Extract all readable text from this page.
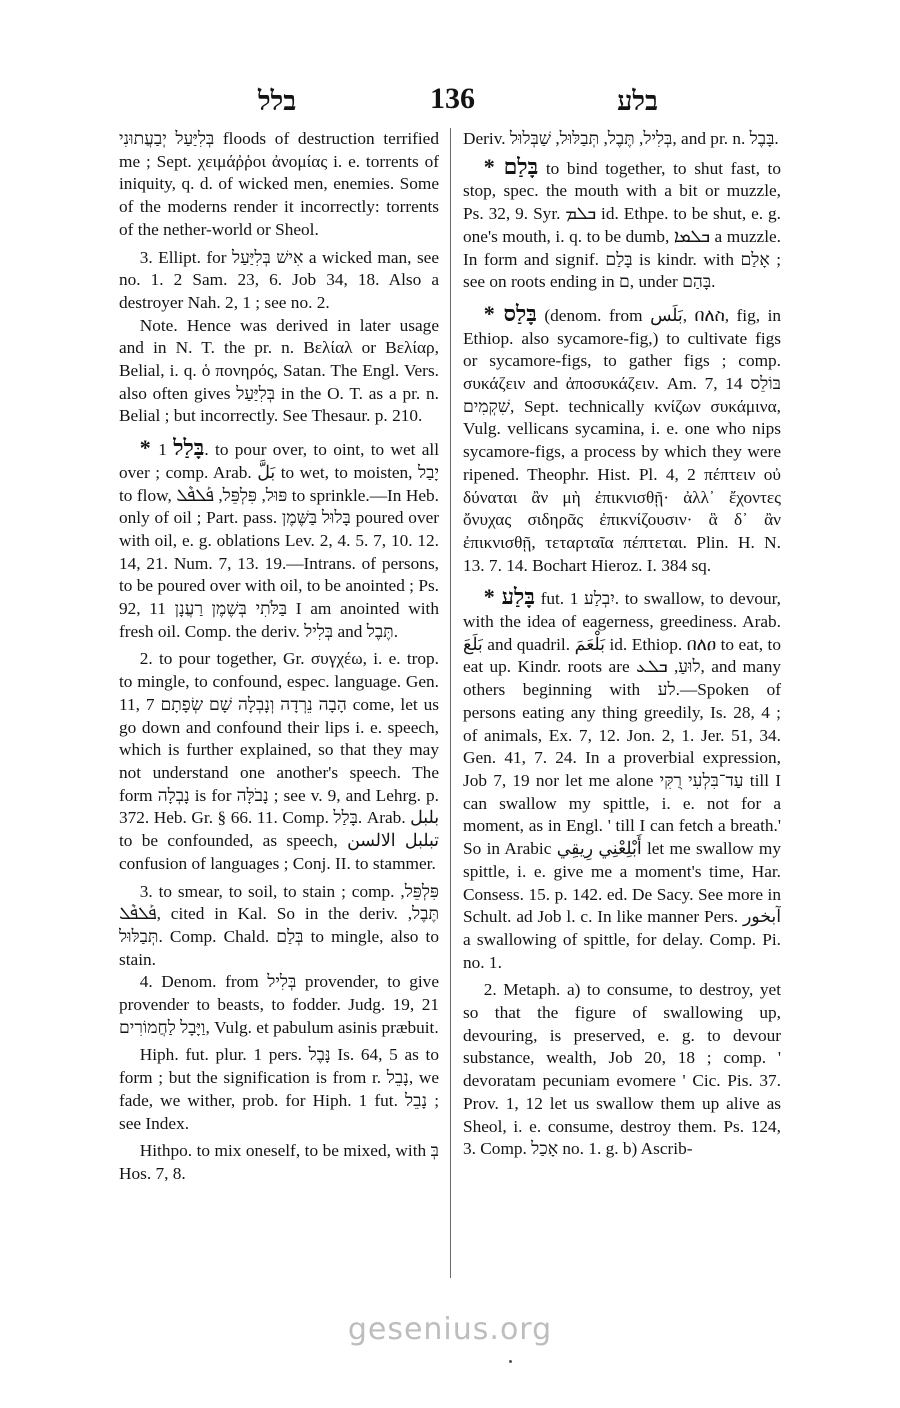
בלל	136	בלע

בְּלִיַּעַל יְבַעֲתוּנִי floods of destruction terrified me ; Sept. χειμάῤῥοι ἀνομίας i. e. torrents of iniquity, q. d. of wicked men, enemies. Some of the moderns render it incorrectly: torrents of the nether-world or Sheol.

3. Ellipt. for אִישׁ בְּלִיַּעַל a wicked man, see no. 1. 2 Sam. 23, 6. Job 34, 18. Also a destroyer Nah. 2, 1 ; see no. 2.

Note. Hence was derived in later usage and in N. T. the pr. n. Βελίαλ or Βελίαρ, Belial, i. q. ὁ πονηρός, Satan. The Engl. Vers. also often gives בְּלִיַּעַל in the O. T. as a pr. n. Belial ; but incorrectly. See Thesaur. p. 210.

* בָּלַל 1. to pour over, to oint, to wet all over ; comp. Arab. بَلَّ to wet, to moisten, יָבַל to flow, פּוּל, פִּלְפֵּל, ܦܰܠܦܶܠ to sprinkle.—In Heb. only of oil ; Part. pass. בָּלוּל בַּשֶּׁמֶן poured over with oil, e. g. oblations Lev. 2, 4. 5. 7, 10. 12. 14, 21. Num. 7, 13. 19.—Intrans. of persons, to be poured over with oil, to be anointed ; Ps. 92, 11 בַּלֹּתִי בְּשֶׁמֶן רַעֲנָן I am anointed with fresh oil. Comp. the deriv. בְּלִיל and תֶּבֶל.

2. to pour together, Gr. συγχέω, i. e. trop. to mingle, to confound, espec. language. Gen. 11, 7 הָבָה נֵרְדָה וְנָבְלָה שָׁם שְׂפָתָם come, let us go down and confound their lips i. e. speech, which is further explained, so that they may not understand one another's speech. The form נָבְלָה is for נָבֹלָּה ; see v. 9, and Lehrg. p. 372. Heb. Gr. § 66. 11. Comp. בָּלַל. Arab. بلبل to be confounded, as speech, تبلبل الالسن confusion of languages ; Conj. II. to stammer.

3. to smear, to soil, to stain ; comp. פִּלְפֵּל, ܦܰܠܦܶܠ, cited in Kal. So in the deriv. תֶּבֶל, תְּבַלּוּל. Comp. Chald. בְּלַם to mingle, also to stain.

4. Denom. from בְּלִיל provender, to give provender to beasts, to fodder. Judg. 19, 21 וַיָּבָל לַחֲמוֹרִים, Vulg. et pabulum asinis præbuit.

Hiph. fut. plur. 1 pers. נָּבֶל Is. 64, 5 as to form ; but the signification is from r. נָבֵל, we fade, we wither, prob. for Hiph. 1 fut. נָבֵל ; see Index.

Hithpo. to mix oneself, to be mixed, with בְּ Hos. 7, 8.

Deriv. בְּלִיל, תֶּבֶל, תְּבַלּוּל, שַׁבְּלוּל, and pr. n. בָּבֶל.

* בָּלַם to bind together, to shut fast, to stop, spec. the mouth with a bit or muzzle, Ps. 32, 9. Syr. ܒܠܡ id. Ethpe. to be shut, e. g. one's mouth, i. q. to be dumb, ܒܠܡܐ a muzzle. In form and signif. בָּלַם is kindr. with אָלַם ; see on roots ending in ם, under בָּהַם.

* בָּלַס (denom. from بَلَس, በለስ, fig, in Ethiop. also sycamore-fig,) to cultivate figs or sycamore-figs, to gather figs ; comp. συκάζειν and ἀποσυκάζειν. Am. 7, 14 בּוֹלֵס שִׁקְמִים, Sept. technically κνίζων συκάμινα, Vulg. vellicans sycamina, i. e. one who nips sycamore-figs, a process by which they were ripened. Theophr. Hist. Pl. 4, 2 πέπτειν οὐ δύναται ἂν μὴ ἐπικνισθῇ· ἀλλ᾽ ἔχοντες ὄνυχας σιδηρᾶς ἐπικνίζουσιν· ἃ δ᾽ ἂν ἐπικνισθῇ, τεταρταῖα πέπτεται. Plin. H. N. 13. 7. 14. Bochart Hieroz. I. 384 sq.

* בָּלַע fut. יִבְלַע 1. to swallow, to devour, with the idea of eagerness, greediness. Arab. بَلَعَ and quadril. بَلْعَمَ id. Ethiop. በለዐ to eat, to eat up. Kindr. roots are לוּעַ, ܒܠܥ, and many others beginning with לע.—Spoken of persons eating any thing greedily, Is. 28, 4 ; of animals, Ex. 7, 12. Jon. 2, 1. Jer. 51, 34. Gen. 41, 7. 24. In a proverbial expression, Job 7, 19 nor let me alone עַד־בִּלְעִי רֻקִּי till I can swallow my spittle, i. e. not for a moment, as in Engl. ' till I can fetch a breath.' So in Arabic أَبْلِعْنِي رِيقِي let me swallow my spittle, i. e. give me a moment's time, Har. Consess. 15. p. 142. ed. De Sacy. See more in Schult. ad Job l. c. In like manner Pers. آبخور a swallowing of spittle, for delay. Comp. Pi. no. 1.

2. Metaph. a) to consume, to destroy, yet so that the figure of swallowing up, devouring, is preserved, e. g. to devour substance, wealth, Job 20, 18 ; comp. ' devoratam pecuniam evomere ' Cic. Pis. 37. Prov. 1, 12 let us swallow them up alive as Sheol, i. e. consume, destroy them. Ps. 124, 3. Comp. אָכַל no. 1. g. b) Ascrib-

gesenius.org
